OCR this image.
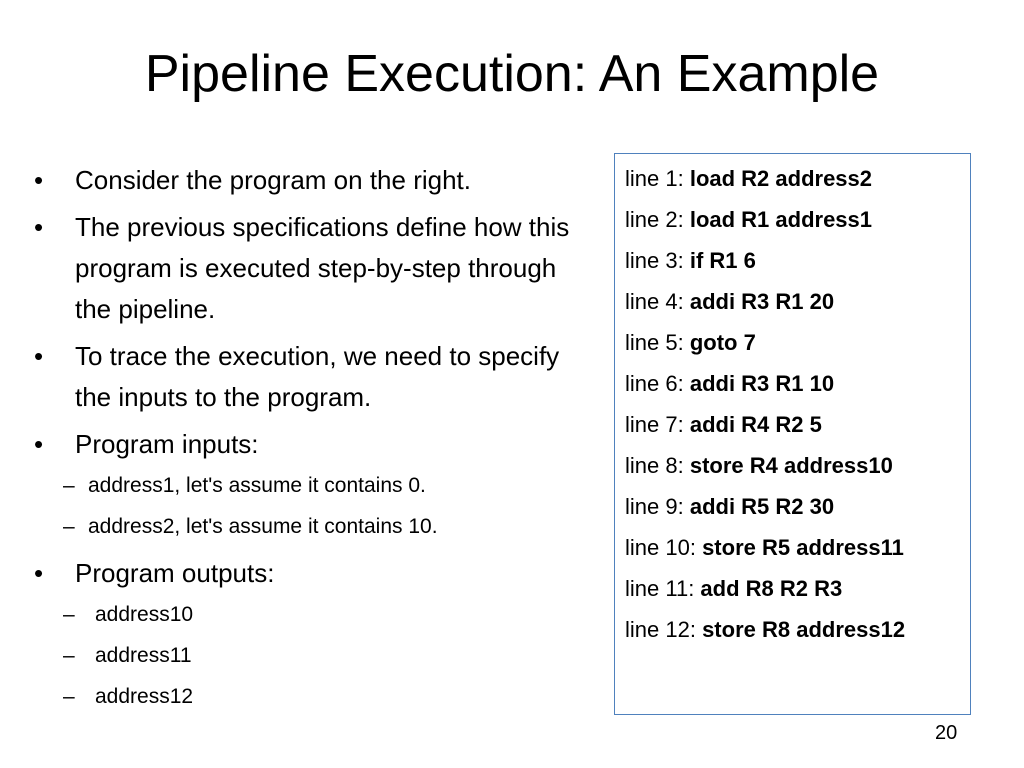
Pipeline Execution: An Example
•	Consider the program on the right.
•	The previous specifications define how this program is executed step-by-step through the pipeline.
•	To trace the execution, we need to specify the inputs to the program.
•	Program inputs:
– address1, let's assume it contains 0.
– address2, let's assume it contains 10.
•	Program outputs:
– address10
– address11
– address12
line 1: load R2 address2
line 2: load R1 address1
line 3: if R1 6
line 4: addi R3 R1 20
line 5: goto 7
line 6: addi R3 R1 10
line 7: addi R4 R2 5
line 8: store R4 address10
line 9: addi R5 R2 30
line 10: store R5 address11
line 11: add R8 R2 R3
line 12: store R8 address12
20
